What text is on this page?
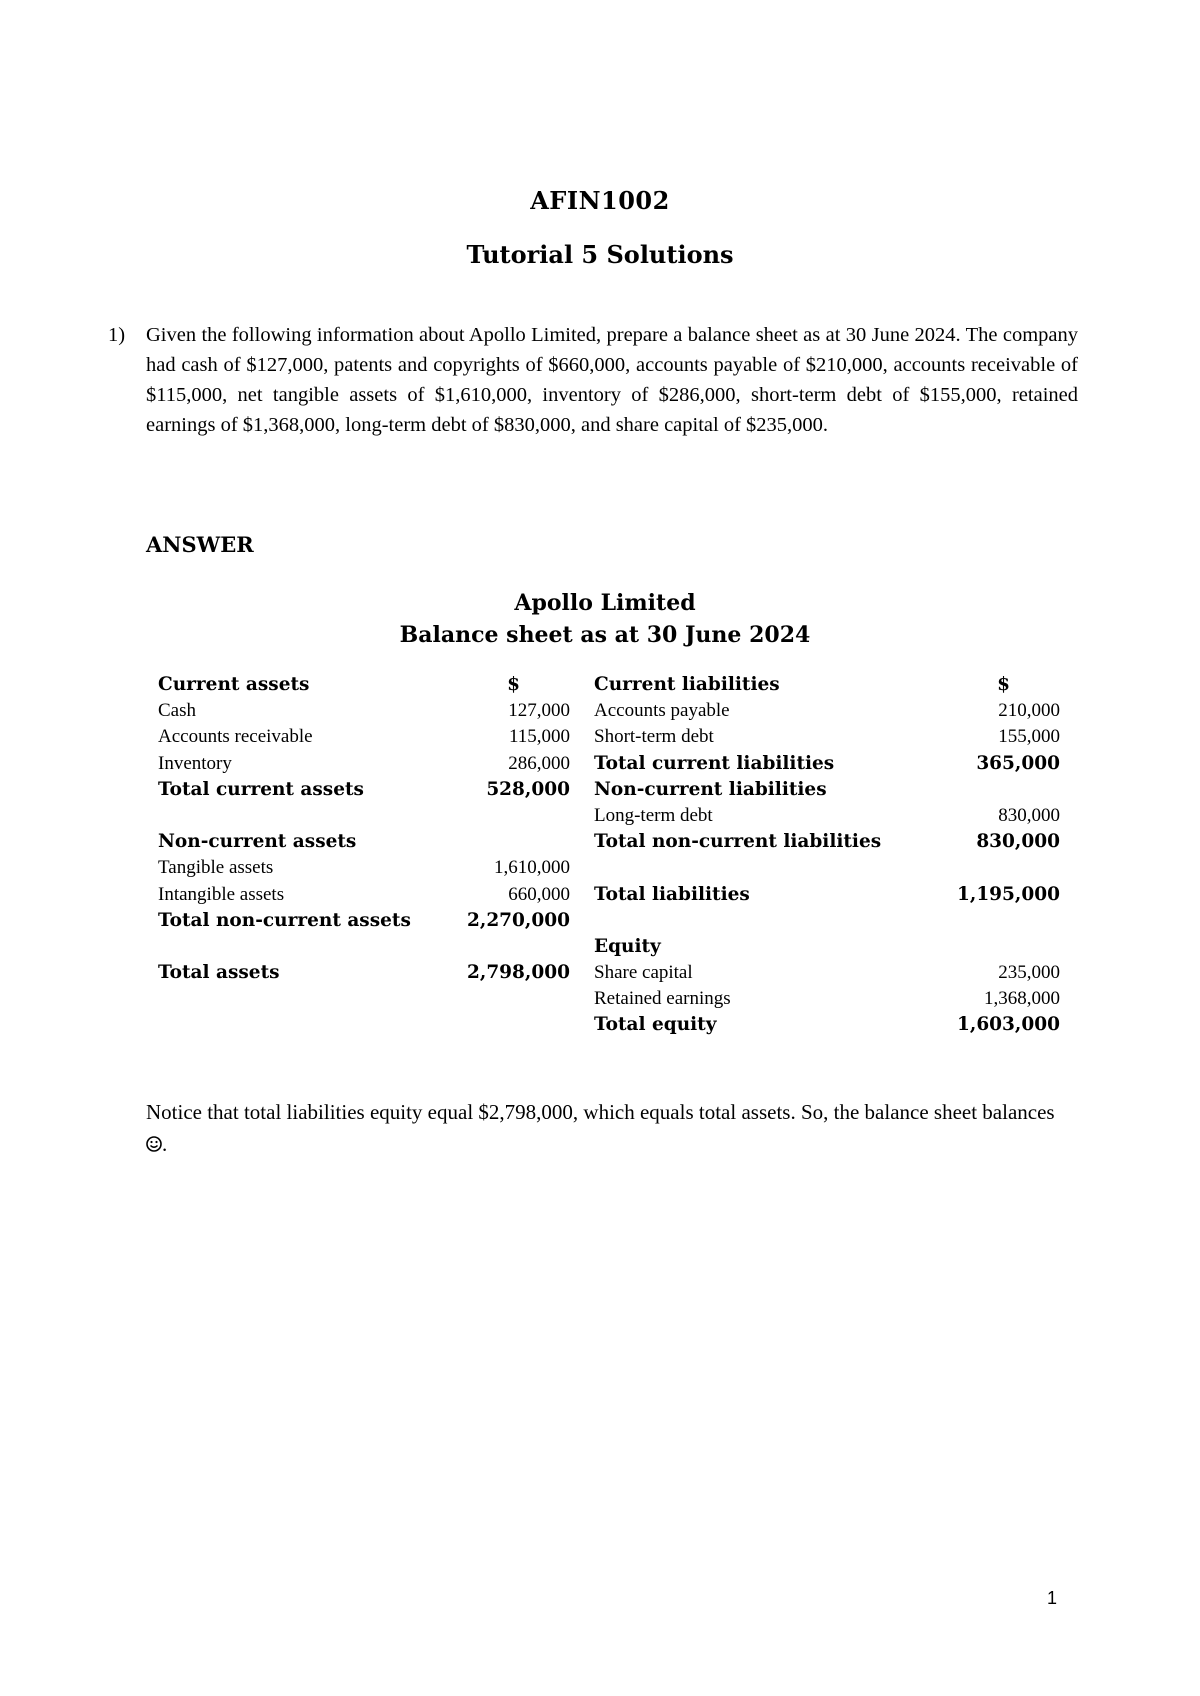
AFIN1002
Tutorial 5 Solutions
1) Given the following information about Apollo Limited, prepare a balance sheet as at 30 June 2024. The company had cash of $127,000, patents and copyrights of $660,000, accounts payable of $210,000, accounts receivable of $115,000, net tangible assets of $1,610,000, inventory of $286,000, short-term debt of $155,000, retained earnings of $1,368,000, long-term debt of $830,000, and share capital of $235,000.
ANSWER
Apollo Limited
Balance sheet as at 30 June 2024
Current assets	$
Cash	127,000
Accounts receivable	115,000
Inventory	286,000
Total current assets	528,000
Non-current assets
Tangible assets	1,610,000
Intangible assets	660,000
Total non-current assets	2,270,000
Total assets	2,798,000
Current liabilities	$
Accounts payable	210,000
Short-term debt	155,000
Total current liabilities	365,000
Non-current liabilities
Long-term debt	830,000
Total non-current liabilities	830,000
Total liabilities	1,195,000
Equity
Share capital	235,000
Retained earnings	1,368,000
Total equity	1,603,000
Notice that total liabilities equity equal $2,798,000, which equals total assets. So, the balance sheet balances .
1
